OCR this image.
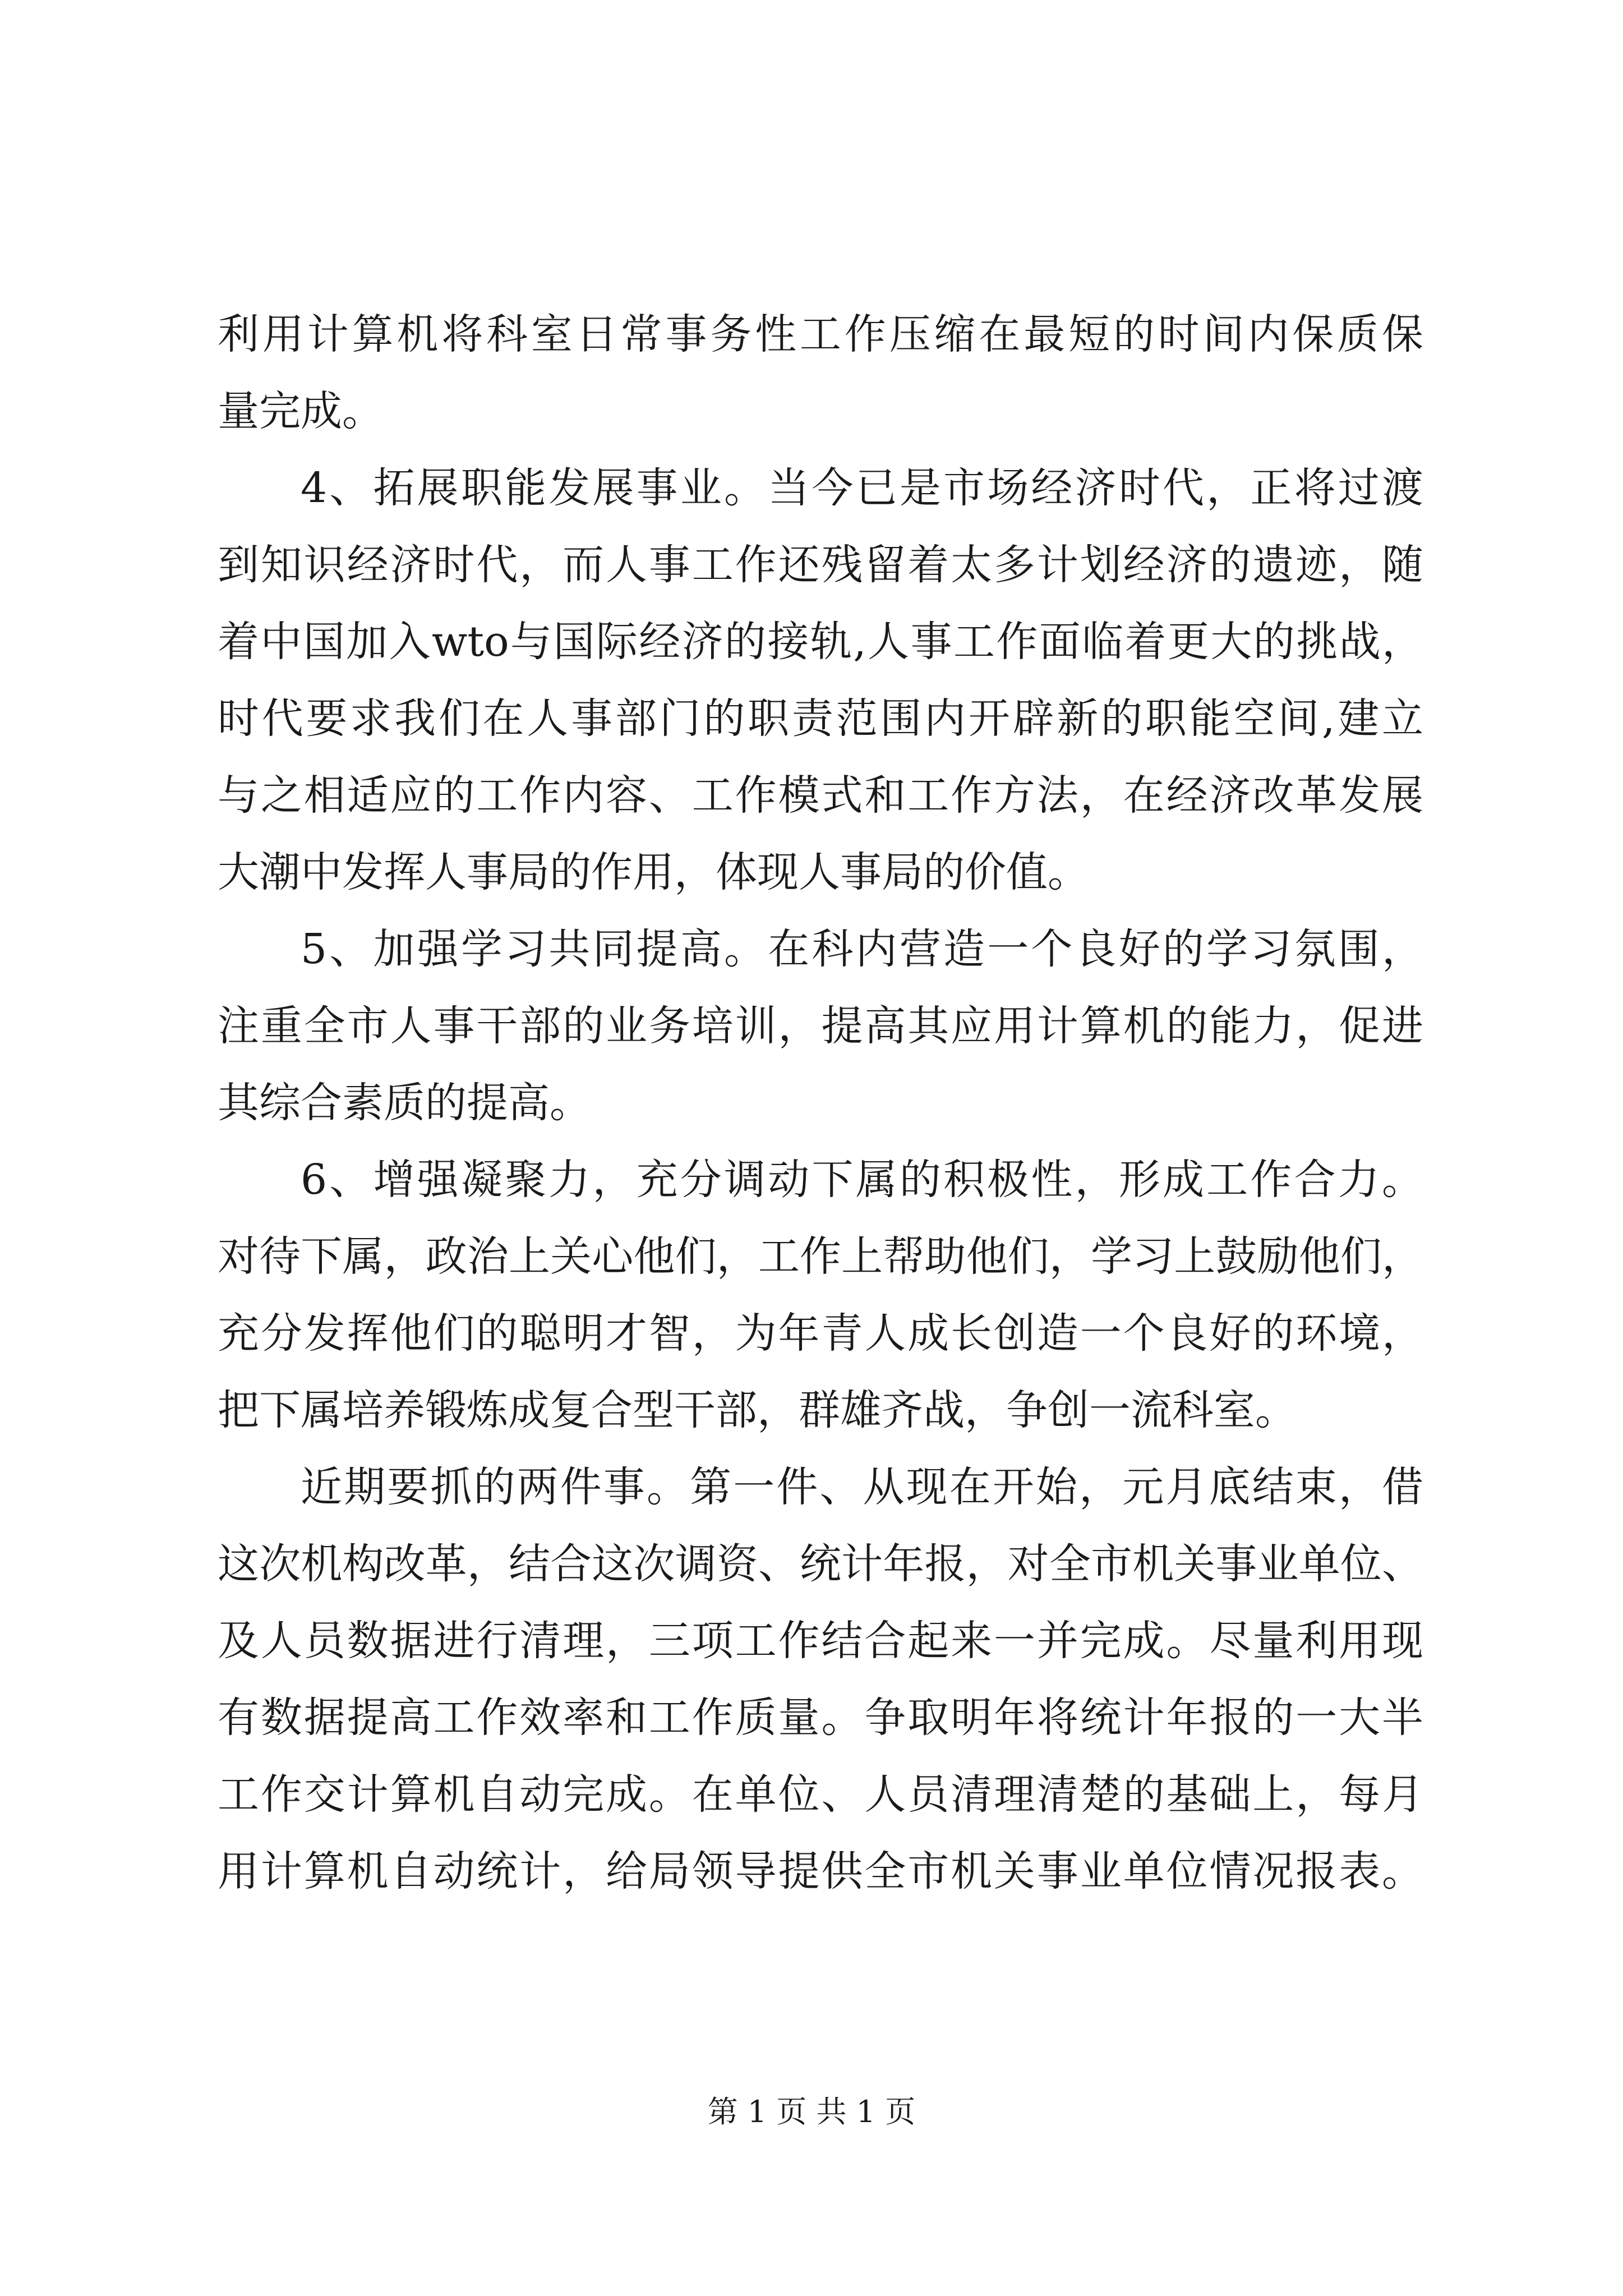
利用计算机将科室日常事务性工作压缩在最短的时间内保质保
量完成。
4、拓展职能发展事业。当今已是市场经济时代，正将过渡
到知识经济时代，而人事工作还残留着太多计划经济的遗迹，随
着中国加入wto与国际经济的接轨,人事工作面临着更大的挑战，
时代要求我们在人事部门的职责范围内开辟新的职能空间,建立
与之相适应的工作内容、工作模式和工作方法，在经济改革发展
大潮中发挥人事局的作用，体现人事局的价值。
5、加强学习共同提高。在科内营造一个良好的学习氛围，
注重全市人事干部的业务培训，提高其应用计算机的能力，促进
其综合素质的提高。
6、增强凝聚力，充分调动下属的积极性，形成工作合力。
对待下属，政治上关心他们，工作上帮助他们，学习上鼓励他们，
充分发挥他们的聪明才智，为年青人成长创造一个良好的环境，
把下属培养锻炼成复合型干部，群雄齐战，争创一流科室。
近期要抓的两件事。第一件、从现在开始，元月底结束，借
这次机构改革，结合这次调资、统计年报，对全市机关事业单位、
及人员数据进行清理，三项工作结合起来一并完成。尽量利用现
有数据提高工作效率和工作质量。争取明年将统计年报的一大半
工作交计算机自动完成。在单位、人员清理清楚的基础上，每月
用计算机自动统计，给局领导提供全市机关事业单位情况报表。
第 1 页 共 1 页
